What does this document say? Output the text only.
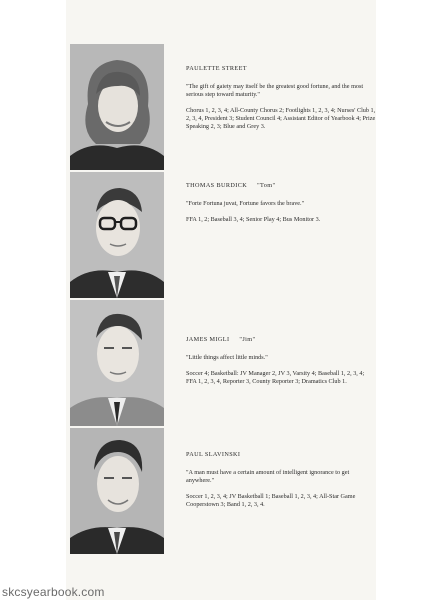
PAULETTE STREET
"The gift of gaiety may itself be the greatest good fortune, and the most serious step toward maturity."
Chorus 1, 2, 3, 4; All-County Chorus 2; Footlights 1, 2, 3, 4; Nurses' Club 1, 2, 3, 4, President 3; Student Council 4; Assistant Editor of Yearbook 4; Prize Speaking 2, 3; Blue and Grey 3.
THOMAS BURDICK "Tom"
"Forte Fortuna juvat, Fortune favors the brave."
FFA 1, 2; Baseball 3, 4; Senior Play 4; Bus Monitor 3.
JAMES MIGLI "Jim"
"Little things affect little minds."
Soccer 4; Basketball: JV Manager 2, JV 3, Varsity 4; Baseball 1, 2, 3, 4; FFA 1, 2, 3, 4, Reporter 3, County Reporter 3; Dramatics Club 1.
PAUL SLAVINSKI
"A man must have a certain amount of intelligent ignorance to get anywhere."
Soccer 1, 2, 3, 4; JV Basketball 1; Baseball 1, 2, 3, 4; All-Star Game Cooperstown 3; Band 1, 2, 3, 4.
skcsyearbook.com
